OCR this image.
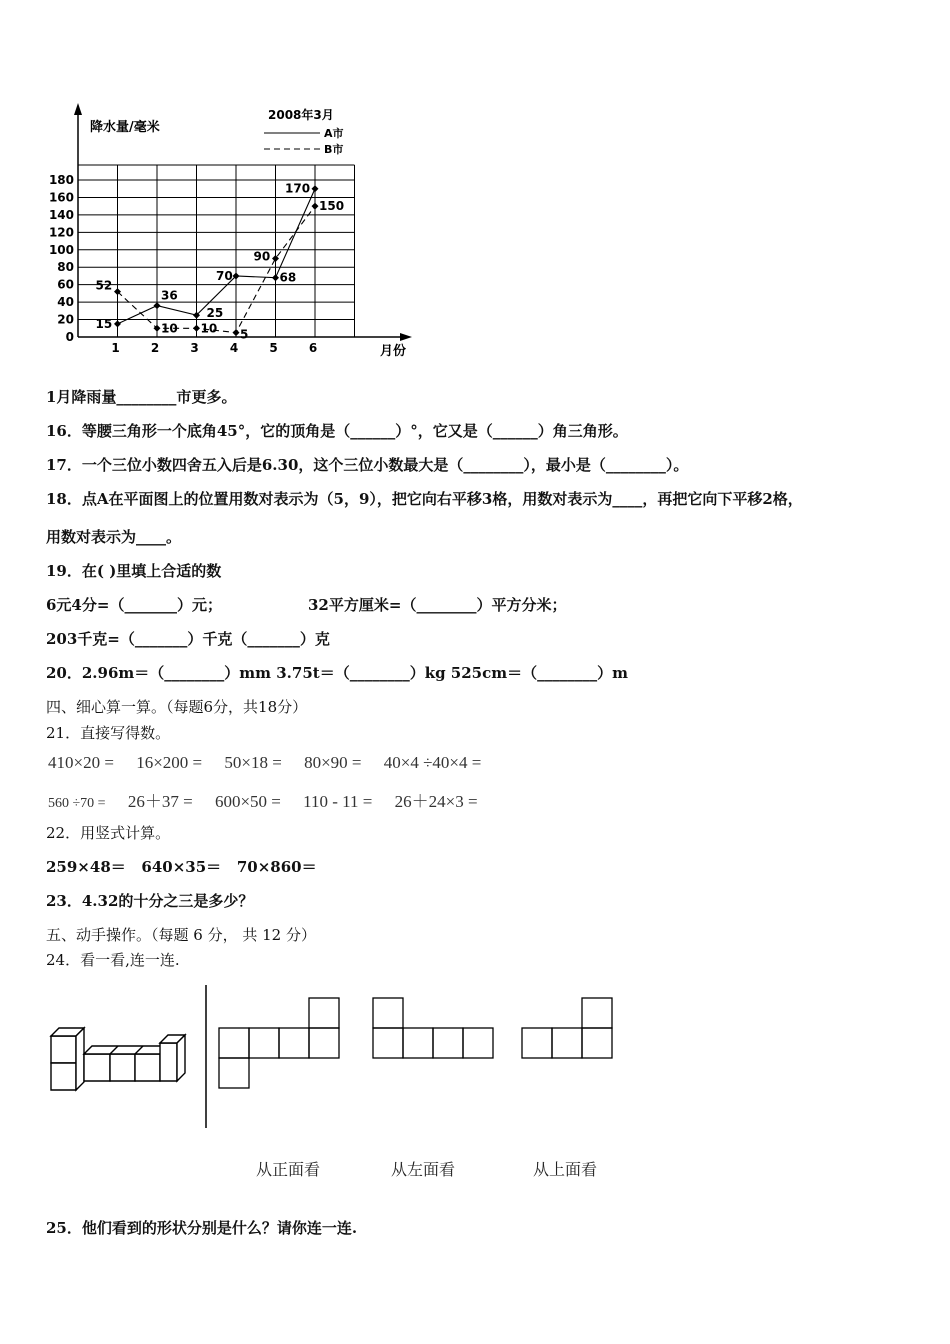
0
20
40
60
80
100
120
140
160
180
1	2	3	4	5	6
15
36
25
70	68
170
52
10 10 5
90
150
降水量/毫米
月份
2008年3月
A市
B市
1月降雨量________市更多。
16．等腰三角形一个底角45°，它的顶角是（______）°，它又是（______）角三角形。
17．一个三位小数四舍五入后是6.30，这个三位小数最大是（________），最小是（________）。
18．点A在平面图上的位置用数对表示为（5，9），把它向右平移3格，用数对表示为____，再把它向下平移2格，
用数对表示为____。
19．在( )里填上合适的数
6元4分=（_______）元；	32平方厘米=（________）平方分米；
203千克=（_______）千克（_______）克
20．2.96m＝（________）mm 3.75t＝（________）kg 525cm＝（________）m
四、细心算一算。（每题6分，共18分）
21．直接写得数。
410×20 = 16×200 = 50×18 = 80×90 = 40×4 ÷40×4 =
560 ÷70 = 26＋37 = 600×50 = 110 - 11 = 26＋24×3 =
22．用竖式计算。
259×48＝   640×35＝   70×860＝
23．4.32的十分之三是多少？
五、动手操作。（每题 6 分， 共 12 分）
24．看一看,连一连.
从正面看	从左面看	从上面看
25．他们看到的形状分别是什么？请你连一连.
